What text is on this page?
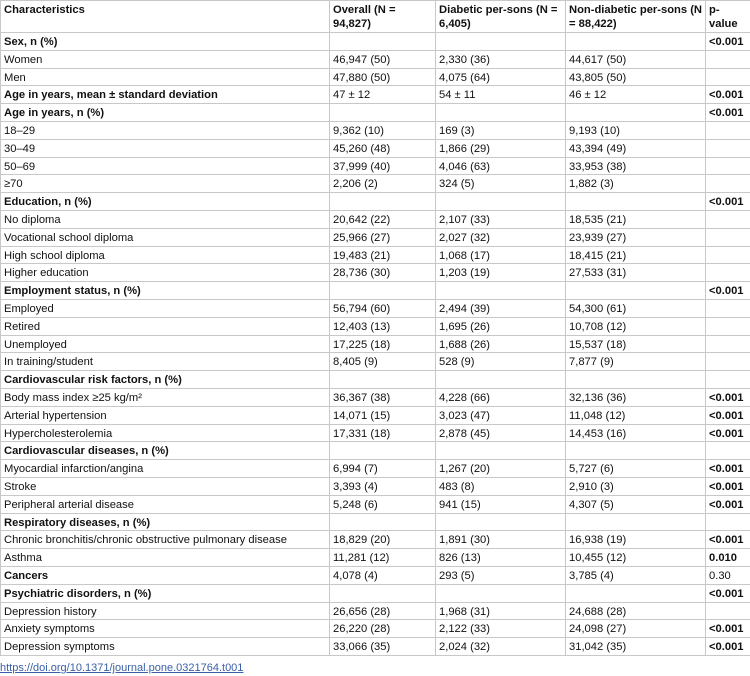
Characteristics	Overall (N = 94,827)	Diabetic per-sons (N = 6,405)	Non-diabetic per-sons (N = 88,422)	p-value
Sex, n (%)				<0.001
Women	46,947 (50)	2,330 (36)	44,617 (50)	
Men	47,880 (50)	4,075 (64)	43,805 (50)	
Age in years, mean ± standard deviation	47 ± 12	54 ± 11	46 ± 12	<0.001
Age in years, n (%)				<0.001
18–29	9,362 (10)	169 (3)	9,193 (10)	
30–49	45,260 (48)	1,866 (29)	43,394 (49)	
50–69	37,999 (40)	4,046 (63)	33,953 (38)	
≥70	2,206 (2)	324 (5)	1,882 (3)	
Education, n (%)				<0.001
No diploma	20,642 (22)	2,107 (33)	18,535 (21)	
Vocational school diploma	25,966 (27)	2,027 (32)	23,939 (27)	
High school diploma	19,483 (21)	1,068 (17)	18,415 (21)	
Higher education	28,736 (30)	1,203 (19)	27,533 (31)	
Employment status, n (%)				<0.001
Employed	56,794 (60)	2,494 (39)	54,300 (61)	
Retired	12,403 (13)	1,695 (26)	10,708 (12)	
Unemployed	17,225 (18)	1,688 (26)	15,537 (18)	
In training/student	8,405 (9)	528 (9)	7,877 (9)	
Cardiovascular risk factors, n (%)				
Body mass index ≥25 kg/m²	36,367 (38)	4,228 (66)	32,136 (36)	<0.001
Arterial hypertension	14,071 (15)	3,023 (47)	11,048 (12)	<0.001
Hypercholesterolemia	17,331 (18)	2,878 (45)	14,453 (16)	<0.001
Cardiovascular diseases, n (%)				
Myocardial infarction/angina	6,994 (7)	1,267 (20)	5,727 (6)	<0.001
Stroke	3,393 (4)	483 (8)	2,910 (3)	<0.001
Peripheral arterial disease	5,248 (6)	941 (15)	4,307 (5)	<0.001
Respiratory diseases, n (%)				
Chronic bronchitis/chronic obstructive pulmonary disease	18,829 (20)	1,891 (30)	16,938 (19)	<0.001
Asthma	11,281 (12)	826 (13)	10,455 (12)	0.010
Cancers	4,078 (4)	293 (5)	3,785 (4)	0.30
Psychiatric disorders, n (%)				<0.001
Depression history	26,656 (28)	1,968 (31)	24,688 (28)	
Anxiety symptoms	26,220 (28)	2,122 (33)	24,098 (27)	<0.001
Depression symptoms	33,066 (35)	2,024 (32)	31,042 (35)	<0.001
https://doi.org/10.1371/journal.pone.0321764.t001
